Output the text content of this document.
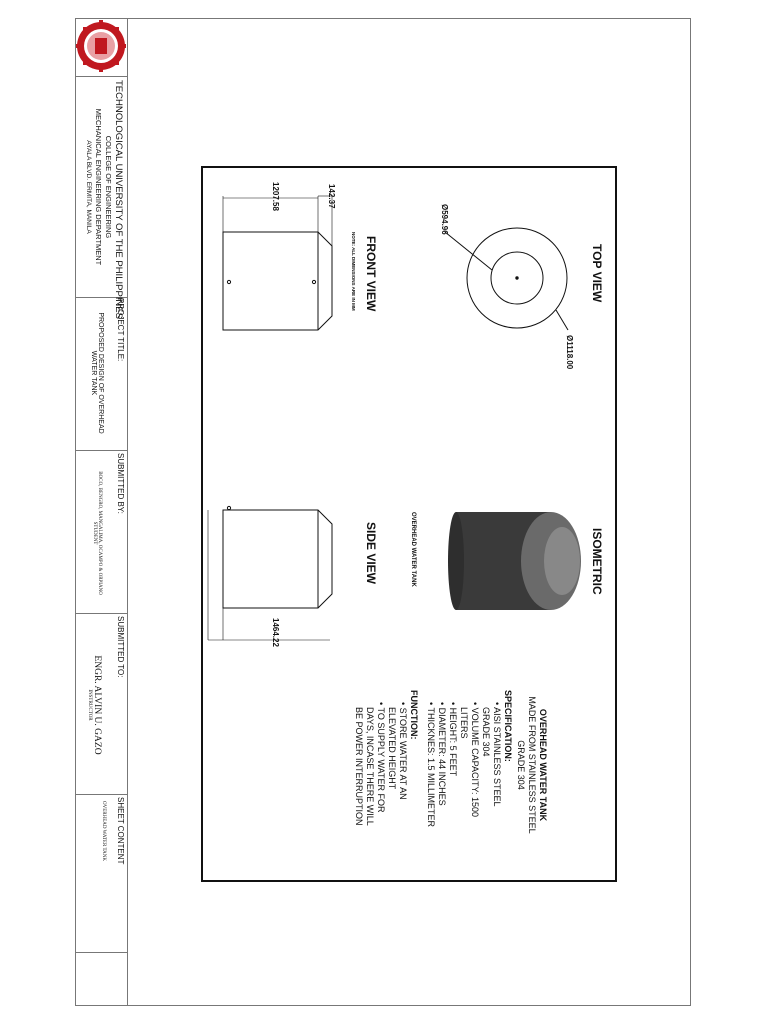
TECHNOLOGICAL UNIVERSITY OF THE PHILIPPINES
COLLEGE OF ENGINEERING
MECHANICAL ENGINEERING DEPARTMENT
AYALA BLVD. ERMITA, MANILA
PROJECT TITLE:
PROPOSED DESIGN OF OVERHEAD
WATER TANK
SUBMITTED BY:
BOCO, BENGRO, MANGALIMA, OCAMPO & ORPIANO
STUDENT
SUBMITTED TO:
ENGR. ALVIN U. GAZO
INSTRUCTOR
SHEET CONTENT
OVERHEAD WATER TANK
TOP VIEW
Ø1118.00
Ø594.96
FRONT VIEW
NOTE: ALL DIMENSIONS ARE IN MM
142.37
1207.58
ISOMETRIC
OVERHEAD WATER TANK
SIDE VIEW
1464.22
OVERHEAD WATER TANK
MADE FROM STAINLESS STEEL
GRADE 304
SPECIFICATION:
• AISI STAINLESS STEEL
GRADE 304
• VOLUME CAPACITY: 1500
LITERS
• HEIGHT: 5 FEET
• DIAMETER: 44 INCHES
• THICKNES: 1.5 MILLIMETER
FUNCTION:
• STORE WATER AT AN
ELEVATED HEIGHT
• TO SUPPLY WATER FOR
DAYS, INCASE THERE WILL
BE POWER INTERRUPTION
